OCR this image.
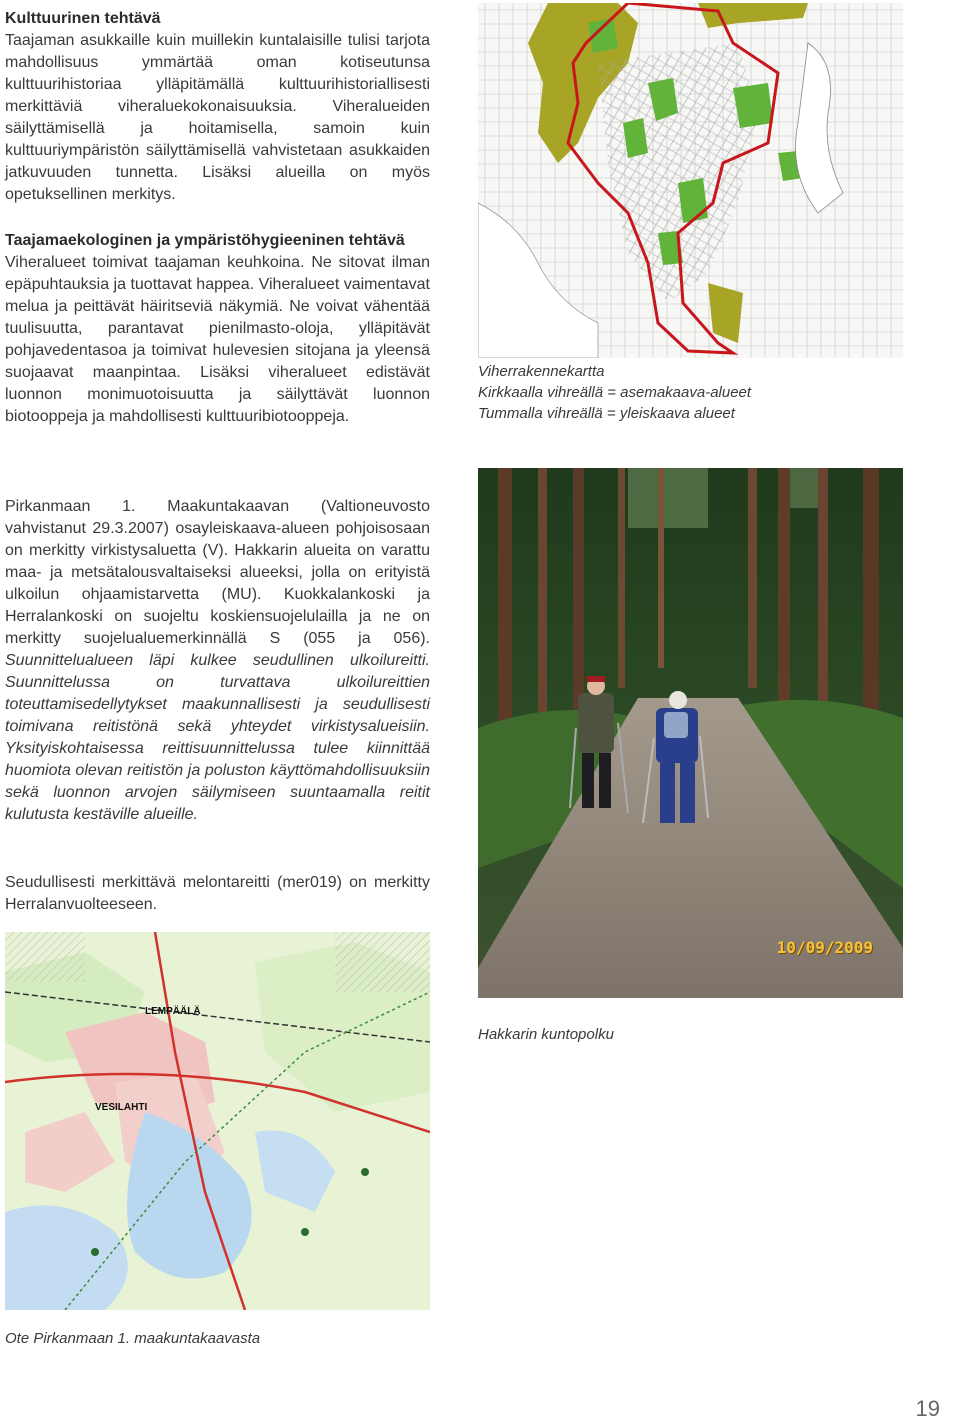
Kulttuurinen tehtävä

Taajaman asukkaille kuin muillekin kuntalaisille tulisi tarjota mahdollisuus ymmärtää oman kotiseutunsa kulttuurihistoriaa ylläpitämällä kulttuurihistoriallisesti merkittäviä viheraluekokonaisuuksia. Viheralueiden säilyttämisellä ja hoitamisella, samoin kuin kulttuuriympäristön säilyttämisellä vahvistetaan asukkaiden jatkuvuuden tunnetta. Lisäksi alueilla on myös opetuksellinen merkitys.

Taajamaekologinen ja ympäristöhygieeninen tehtävä

Viheralueet toimivat taajaman keuhkoina. Ne sitovat ilman epäpuhtauksia ja tuottavat happea. Viheralueet vaimentavat melua ja peittävät häiritseviä näkymiä. Ne voivat vähentää tuulisuutta, parantavat pienilmasto-oloja, ylläpitävät pohjavedentasoa ja toimivat hulevesien sitojana ja yleensä suojaavat maanpintaa. Lisäksi viheralueet edistävät luonnon monimuotoisuutta ja säilyttävät luonnon biotooppeja ja mahdollisesti kulttuuribiotooppeja.

Pirkanmaan 1. Maakuntakaavan (Valtioneuvosto vahvistanut 29.3.2007) osayleiskaava-alueen pohjoisosaan on merkitty virkistysaluetta (V). Hakkarin alueita on varattu maa- ja metsätalousvaltaiseksi alueeksi, jolla on erityistä ulkoilun ohjaamistarvetta (MU). Kuokkalankoski ja Herralankoski on suojeltu koskiensuojelulailla ja ne on merkitty suojelualuemerkinnällä S (055 ja 056). Suunnittelualueen läpi kulkee seudullinen ulkoilureitti. Suunnittelussa on turvattava ulkoilureittien toteuttamisedellytykset maakunnallisesti ja seudullisesti toimivana reitistönä sekä yhteydet virkistysalueisiin. Yksityiskohtaisessa reittisuunnittelussa tulee kiinnittää huomiota olevan reitistön ja poluston käyttömahdollisuuksiin sekä luonnon arvojen säilymiseen suuntaamalla reitit kulutusta kestäville alueille.

Seudullisesti merkittävä melontareitti (mer019) on merkitty Herralanvuolteeseen.

Viherrakennekartta
Kirkkaalla vihreällä = asemakaava-alueet
Tummalla vihreällä = yleiskaava alueet
10/09/2009
Hakkarin kuntopolku
LEMPÄÄLÄ
VESILAHTI
Ote Pirkanmaan 1. maakuntakaavasta
19
